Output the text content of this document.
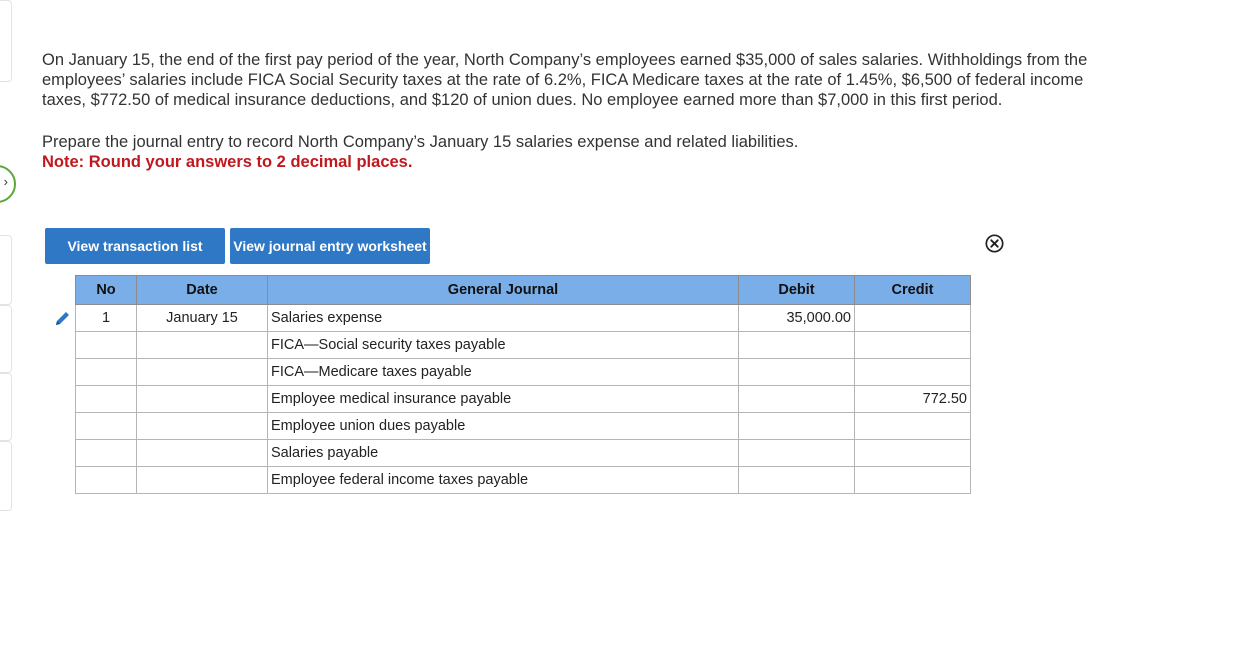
›

On January 15, the end of the first pay period of the year, North Company’s employees earned $35,000 of sales salaries. Withholdings from the employees’ salaries include FICA Social Security taxes at the rate of 6.2%, FICA Medicare taxes at the rate of 1.45%, $6,500 of federal income taxes, $772.50 of medical insurance deductions, and $120 of union dues. No employee earned more than $7,000 in this first period.

Prepare the journal entry to record North Company’s January 15 salaries expense and related liabilities.

Note: Round your answers to 2 decimal places.

View transaction list	View journal entry worksheet
No	Date	General Journal	Debit	Credit
1	January 15	Salaries expense	35,000.00	
		FICA—Social security taxes payable		
		FICA—Medicare taxes payable		
		Employee medical insurance payable		772.50
		Employee union dues payable		
		Salaries payable		
		Employee federal income taxes payable		
